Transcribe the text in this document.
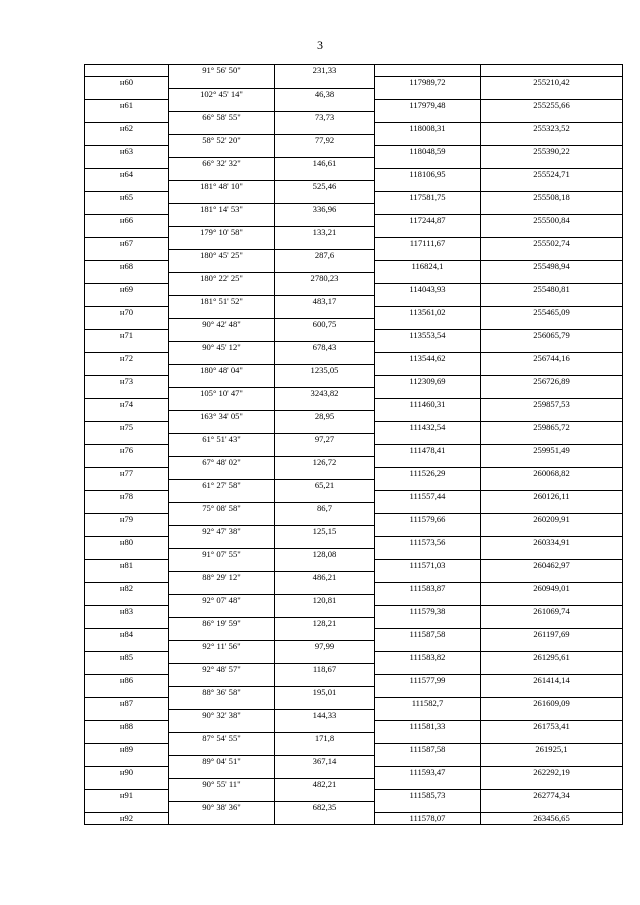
3
	91° 56' 50"	231,33		
н60			117989,72	255210,42
	102° 45' 14"	46,38		
н61			117979,48	255255,66
	66° 58' 55"	73,73		
н62			118008,31	255323,52
	58° 52' 20"	77,92		
н63			118048,59	255390,22
	66° 32' 32"	146,61		
н64			118106,95	255524,71
	181° 48' 10"	525,46		
н65			117581,75	255508,18
	181° 14' 53"	336,96		
н66			117244,87	255500,84
	179° 10' 58"	133,21		
н67			117111,67	255502,74
	180° 45' 25"	287,6		
н68			116824,1	255498,94
	180° 22' 25"	2780,23		
н69			114043,93	255480,81
	181° 51' 52"	483,17		
н70			113561,02	255465,09
	90° 42' 48"	600,75		
н71			113553,54	256065,79
	90° 45' 12"	678,43		
н72			113544,62	256744,16
	180° 48' 04"	1235,05		
н73			112309,69	256726,89
	105° 10' 47"	3243,82		
н74			111460,31	259857,53
	163° 34' 05"	28,95		
н75			111432,54	259865,72
	61° 51' 43"	97,27		
н76			111478,41	259951,49
	67° 48' 02"	126,72		
н77			111526,29	260068,82
	61° 27' 58"	65,21		
н78			111557,44	260126,11
	75° 08' 58"	86,7		
н79			111579,66	260209,91
	92° 47' 38"	125,15		
н80			111573,56	260334,91
	91° 07' 55"	128,08		
н81			111571,03	260462,97
	88° 29' 12"	486,21		
н82			111583,87	260949,01
	92° 07' 48"	120,81		
н83			111579,38	261069,74
	86° 19' 59"	128,21		
н84			111587,58	261197,69
	92° 11' 56"	97,99		
н85			111583,82	261295,61
	92° 48' 57"	118,67		
н86			111577,99	261414,14
	88° 36' 58"	195,01		
н87			111582,7	261609,09
	90° 32' 38"	144,33		
н88			111581,33	261753,41
	87° 54' 55"	171,8		
н89			111587,58	261925,1
	89° 04' 51"	367,14		
н90			111593,47	262292,19
	90° 55' 11"	482,21		
н91			111585,73	262774,34
	90° 38' 36"	682,35		
н92			111578,07	263456,65
